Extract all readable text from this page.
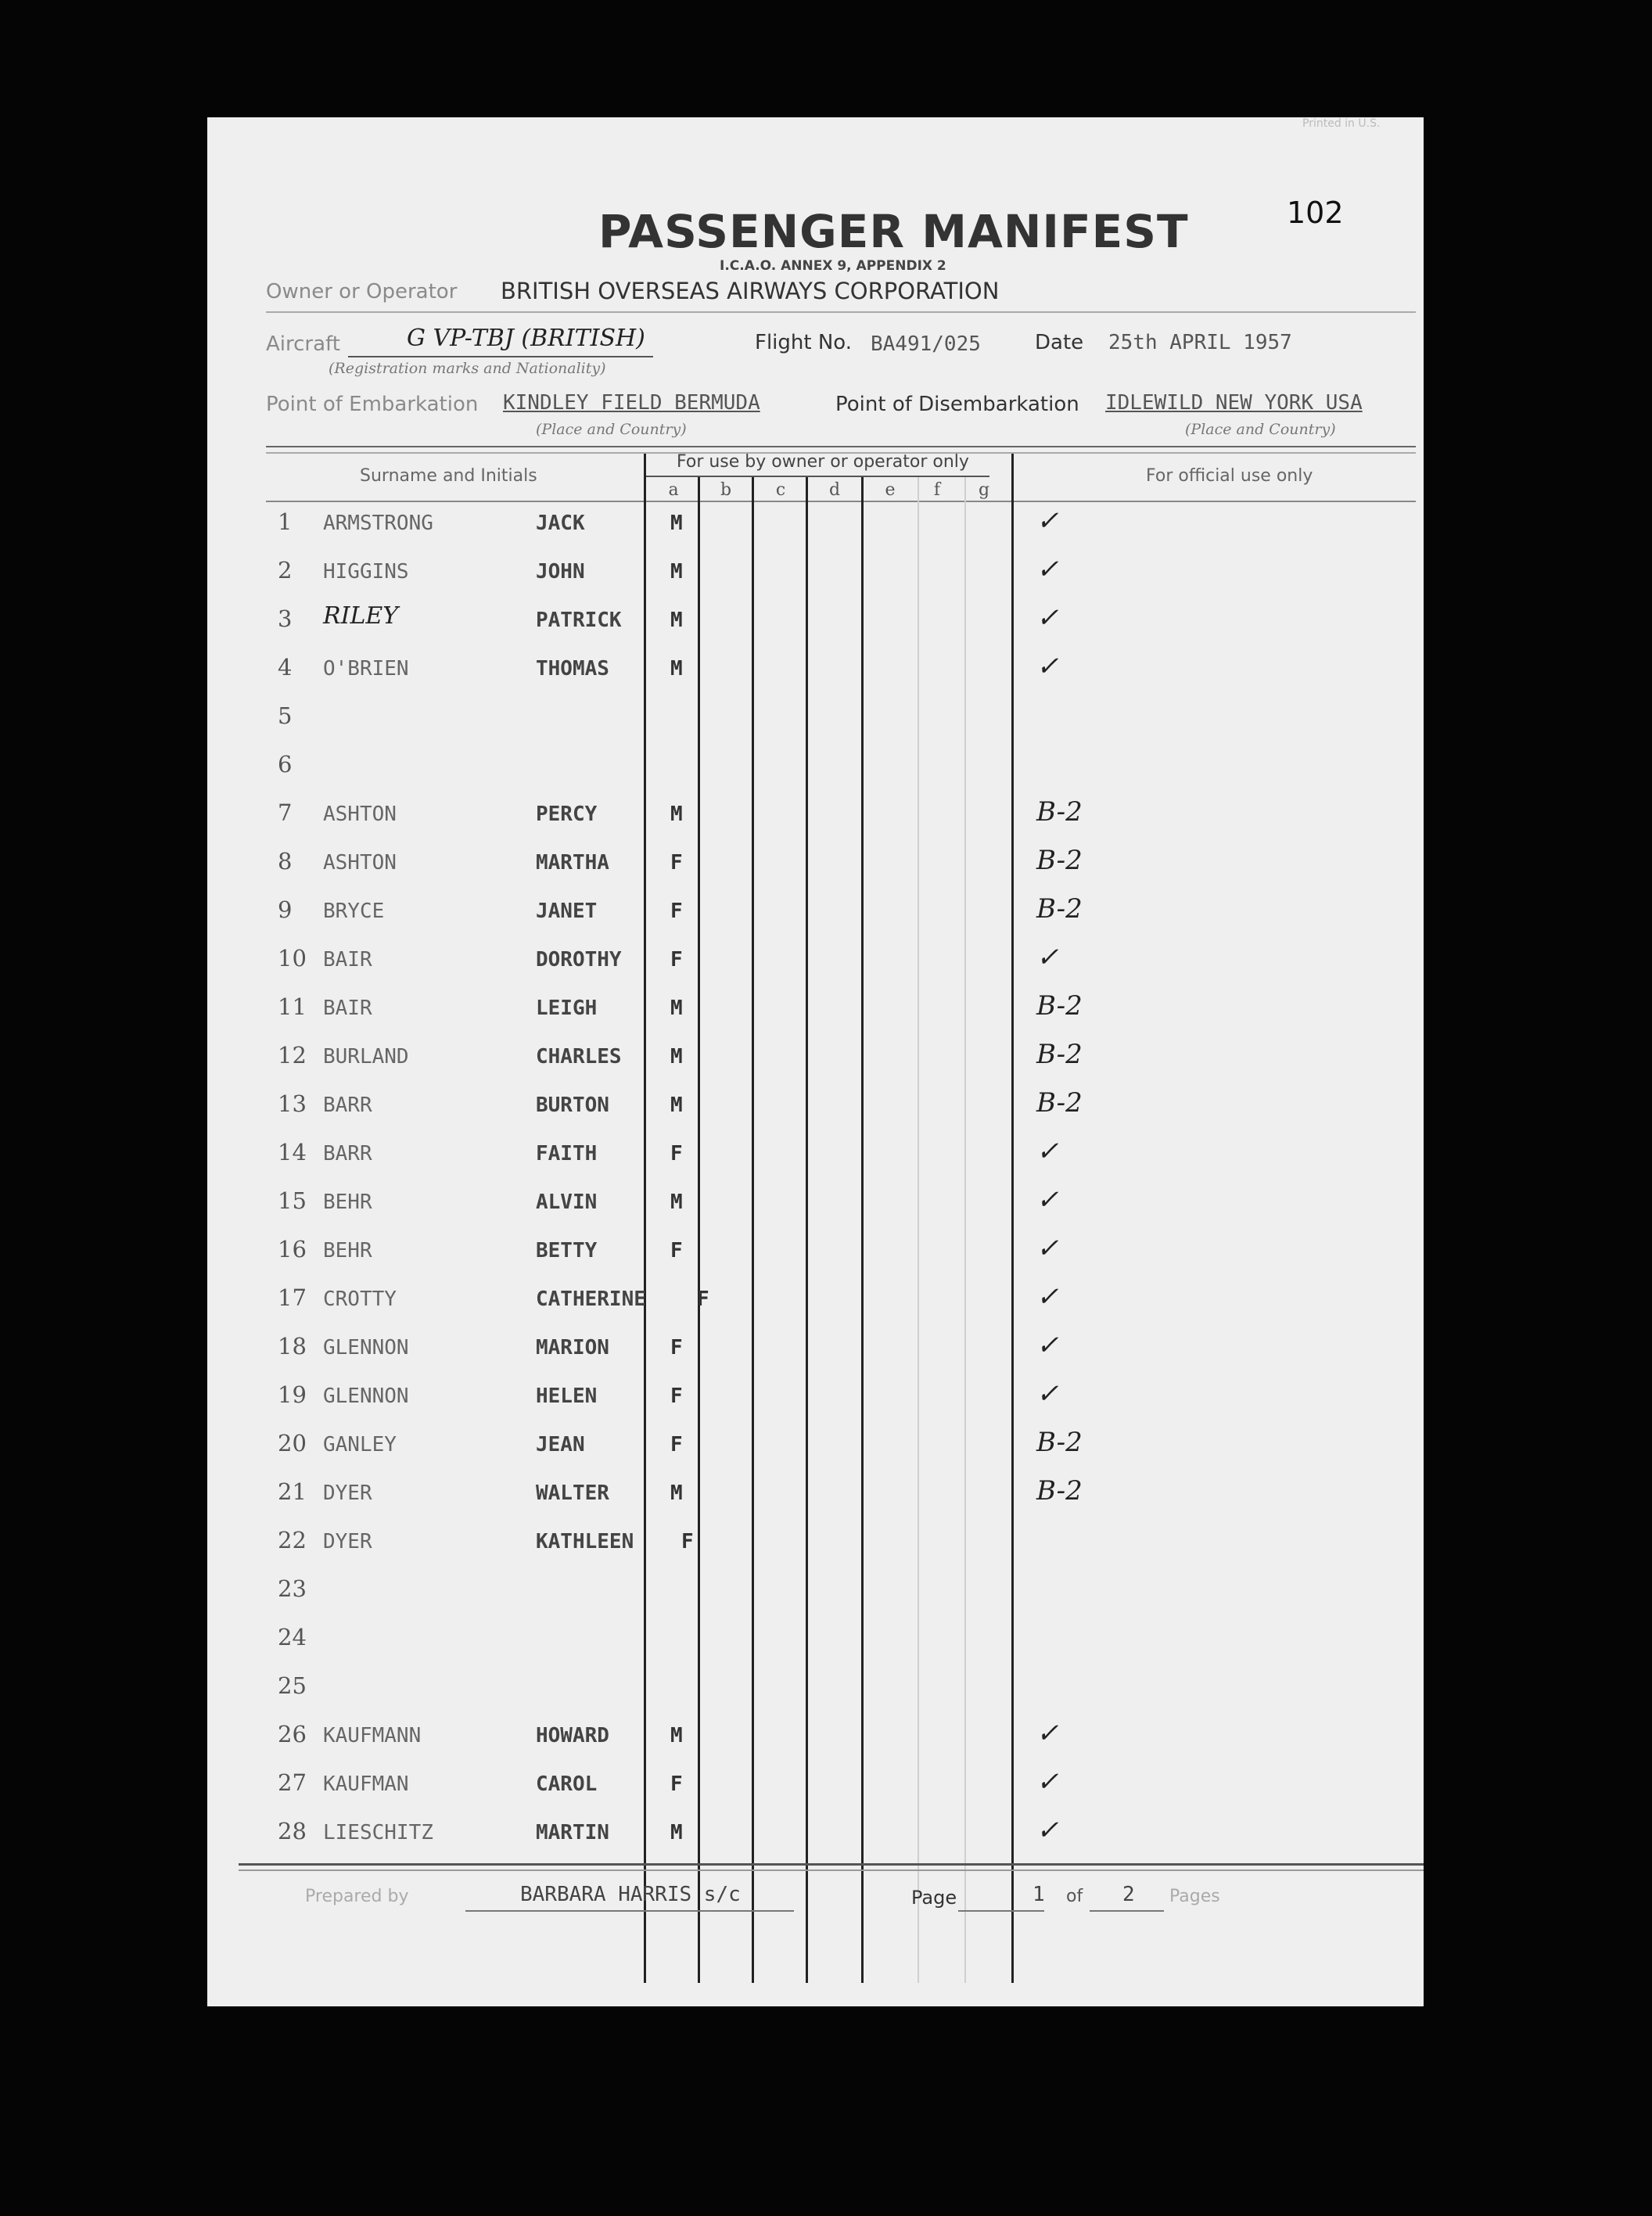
Printed in U.S.
102
PASSENGER MANIFEST
I.C.A.O. ANNEX 9, APPENDIX 2
Owner or Operator BRITISH OVERSEAS AIRWAYS CORPORATION
Aircraft	G VP-TBJ (BRITISH)
(Registration marks and Nationality)
Flight No. BA491/025	Date 25th APRIL 1957
Point of Embarkation KINDLEY FIELD BERMUDA
(Place and Country)
Point of Disembarkation IDLEWILD NEW YORK USA
(Place and Country)
Surname and Initials
For use by owner or operator only
For official use only
a	b	c	d	e	f	g
1 ARMSTRONG	JACK	M	✓
2 HIGGINS	JOHN	M	✓
3 RILEY	PATRICK M	✓
4 O'BRIEN	THOMAS	M	✓
5
6
7 ASHTON	PERCY	M	B-2
8 ASHTON	MARTHA	F	B-2
9 BRYCE	JANET	F	B-2
10 BAIR	DOROTHY F	✓
11 BAIR	LEIGH	M	B-2
12 BURLAND	CHARLES M	B-2
13 BARR	BURTON	M	B-2
14 BARR	FAITH	F	✓
15 BEHR	ALVIN	M	✓
16 BEHR	BETTY	F	✓
17 CROTTY	CATHERINE	F	✓
18 GLENNON	MARION	F	✓
19 GLENNON	HELEN	F	✓
20 GANLEY	JEAN	F	B-2
21 DYER	WALTER	M	B-2
22 DYER	KATHLEEN F
23
24
25
26 KAUFMANN	HOWARD	M	✓
27 KAUFMAN	CAROL	F	✓
28 LIESCHITZ	MARTIN	M	✓
Prepared by	BARBARA HARRIS s/c	Page	1 of 2 Pages
